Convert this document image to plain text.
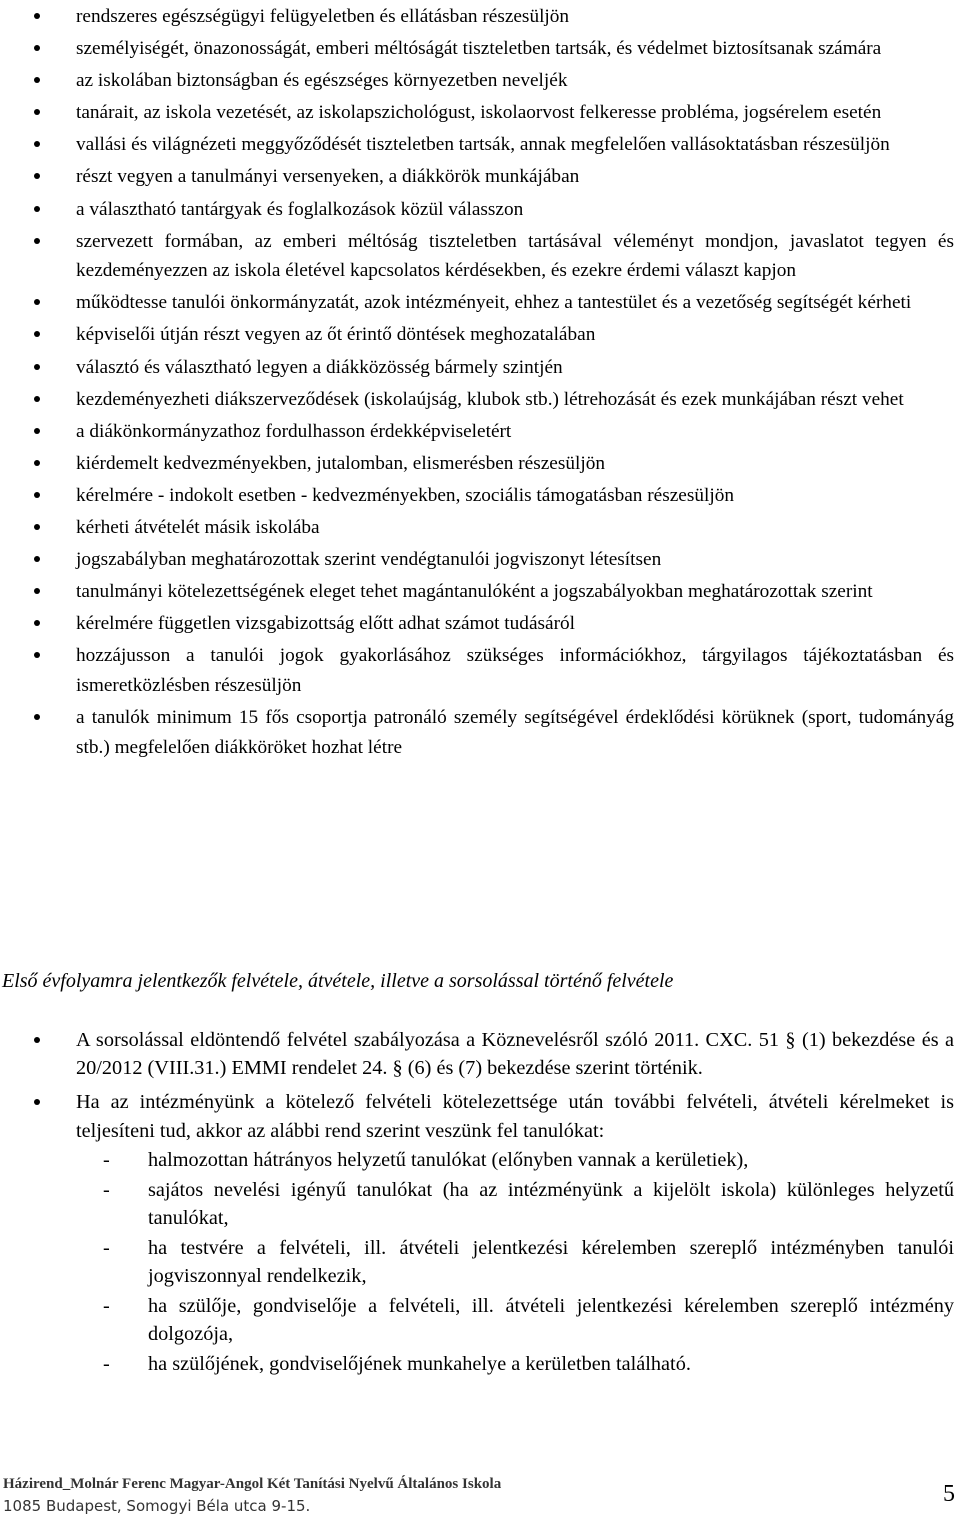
rendszeres egészségügyi felügyeletben és ellátásban részesüljön
személyiségét, önazonosságát, emberi méltóságát tiszteletben tartsák, és védelmet biztosítsanak számára
az iskolában biztonságban és egészséges környezetben neveljék
tanárait, az iskola vezetését, az iskolapszichológust, iskolaorvost felkeresse probléma, jogsérelem esetén
vallási és világnézeti meggyőződését tiszteletben tartsák, annak megfelelően vallásoktatásban részesüljön
részt vegyen a tanulmányi versenyeken, a diákkörök munkájában
a választható tantárgyak és foglalkozások közül válasszon
szervezett formában, az emberi méltóság tiszteletben tartásával véleményt mondjon, javaslatot tegyen és kezdeményezzen az iskola életével kapcsolatos kérdésekben, és ezekre érdemi választ kapjon
működtesse tanulói önkormányzatát, azok intézményeit, ehhez a tantestület és a vezetőség segítségét kérheti
képviselői útján részt vegyen az őt érintő döntések meghozatalában
választó és választható legyen a diákközösség bármely szintjén
kezdeményezheti diákszerveződések (iskolaújság, klubok stb.) létrehozását és ezek munkájában részt vehet
a diákönkormányzathoz fordulhasson érdekképviseletért
kiérdemelt kedvezményekben, jutalomban, elismerésben részesüljön
kérelmére - indokolt esetben - kedvezményekben, szociális támogatásban részesüljön
kérheti átvételét másik iskolába
jogszabályban meghatározottak szerint vendégtanulói jogviszonyt létesítsen
tanulmányi kötelezettségének eleget tehet magántanulóként a jogszabályokban meghatározottak szerint
kérelmére független vizsgabizottság előtt adhat számot tudásáról
hozzájusson a tanulói jogok gyakorlásához szükséges információkhoz, tárgyilagos tájékoztatásban és ismeretközlésben részesüljön
a tanulók minimum 15 fős csoportja patronáló személy segítségével érdeklődési körüknek (sport, tudományág stb.) megfelelően diákköröket hozhat létre
Első évfolyamra jelentkezők felvétele, átvétele, illetve a sorsolással történő felvétele
A sorsolással eldöntendő felvétel szabályozása a Köznevelésről szóló 2011. CXC. 51 § (1) bekezdése és a 20/2012 (VIII.31.) EMMI rendelet 24. § (6) és (7) bekezdése szerint történik.
Ha az intézményünk a kötelező felvételi kötelezettsége után további felvételi, átvételi kérelmeket is teljesíteni tud, akkor az alábbi rend szerint veszünk fel tanulókat:
- halmozottan hátrányos helyzetű tanulókat (előnyben vannak a kerületiek),
- sajátos nevelési igényű tanulókat (ha az intézményünk a kijelölt iskola) különleges helyzetű tanulókat,
- ha testvére a felvételi, ill. átvételi jelentkezési kérelemben szereplő intézményben tanulói jogviszonnyal rendelkezik,
- ha szülője, gondviselője a felvételi, ill. átvételi jelentkezési kérelemben szereplő intézmény dolgozója,
- ha szülőjének, gondviselőjének munkahelye a kerületben található.
Házirend_Molnár Ferenc Magyar-Angol Két Tanítási Nyelvű Általános Iskola
1085 Budapest, Somogyi Béla utca 9-15.	5
